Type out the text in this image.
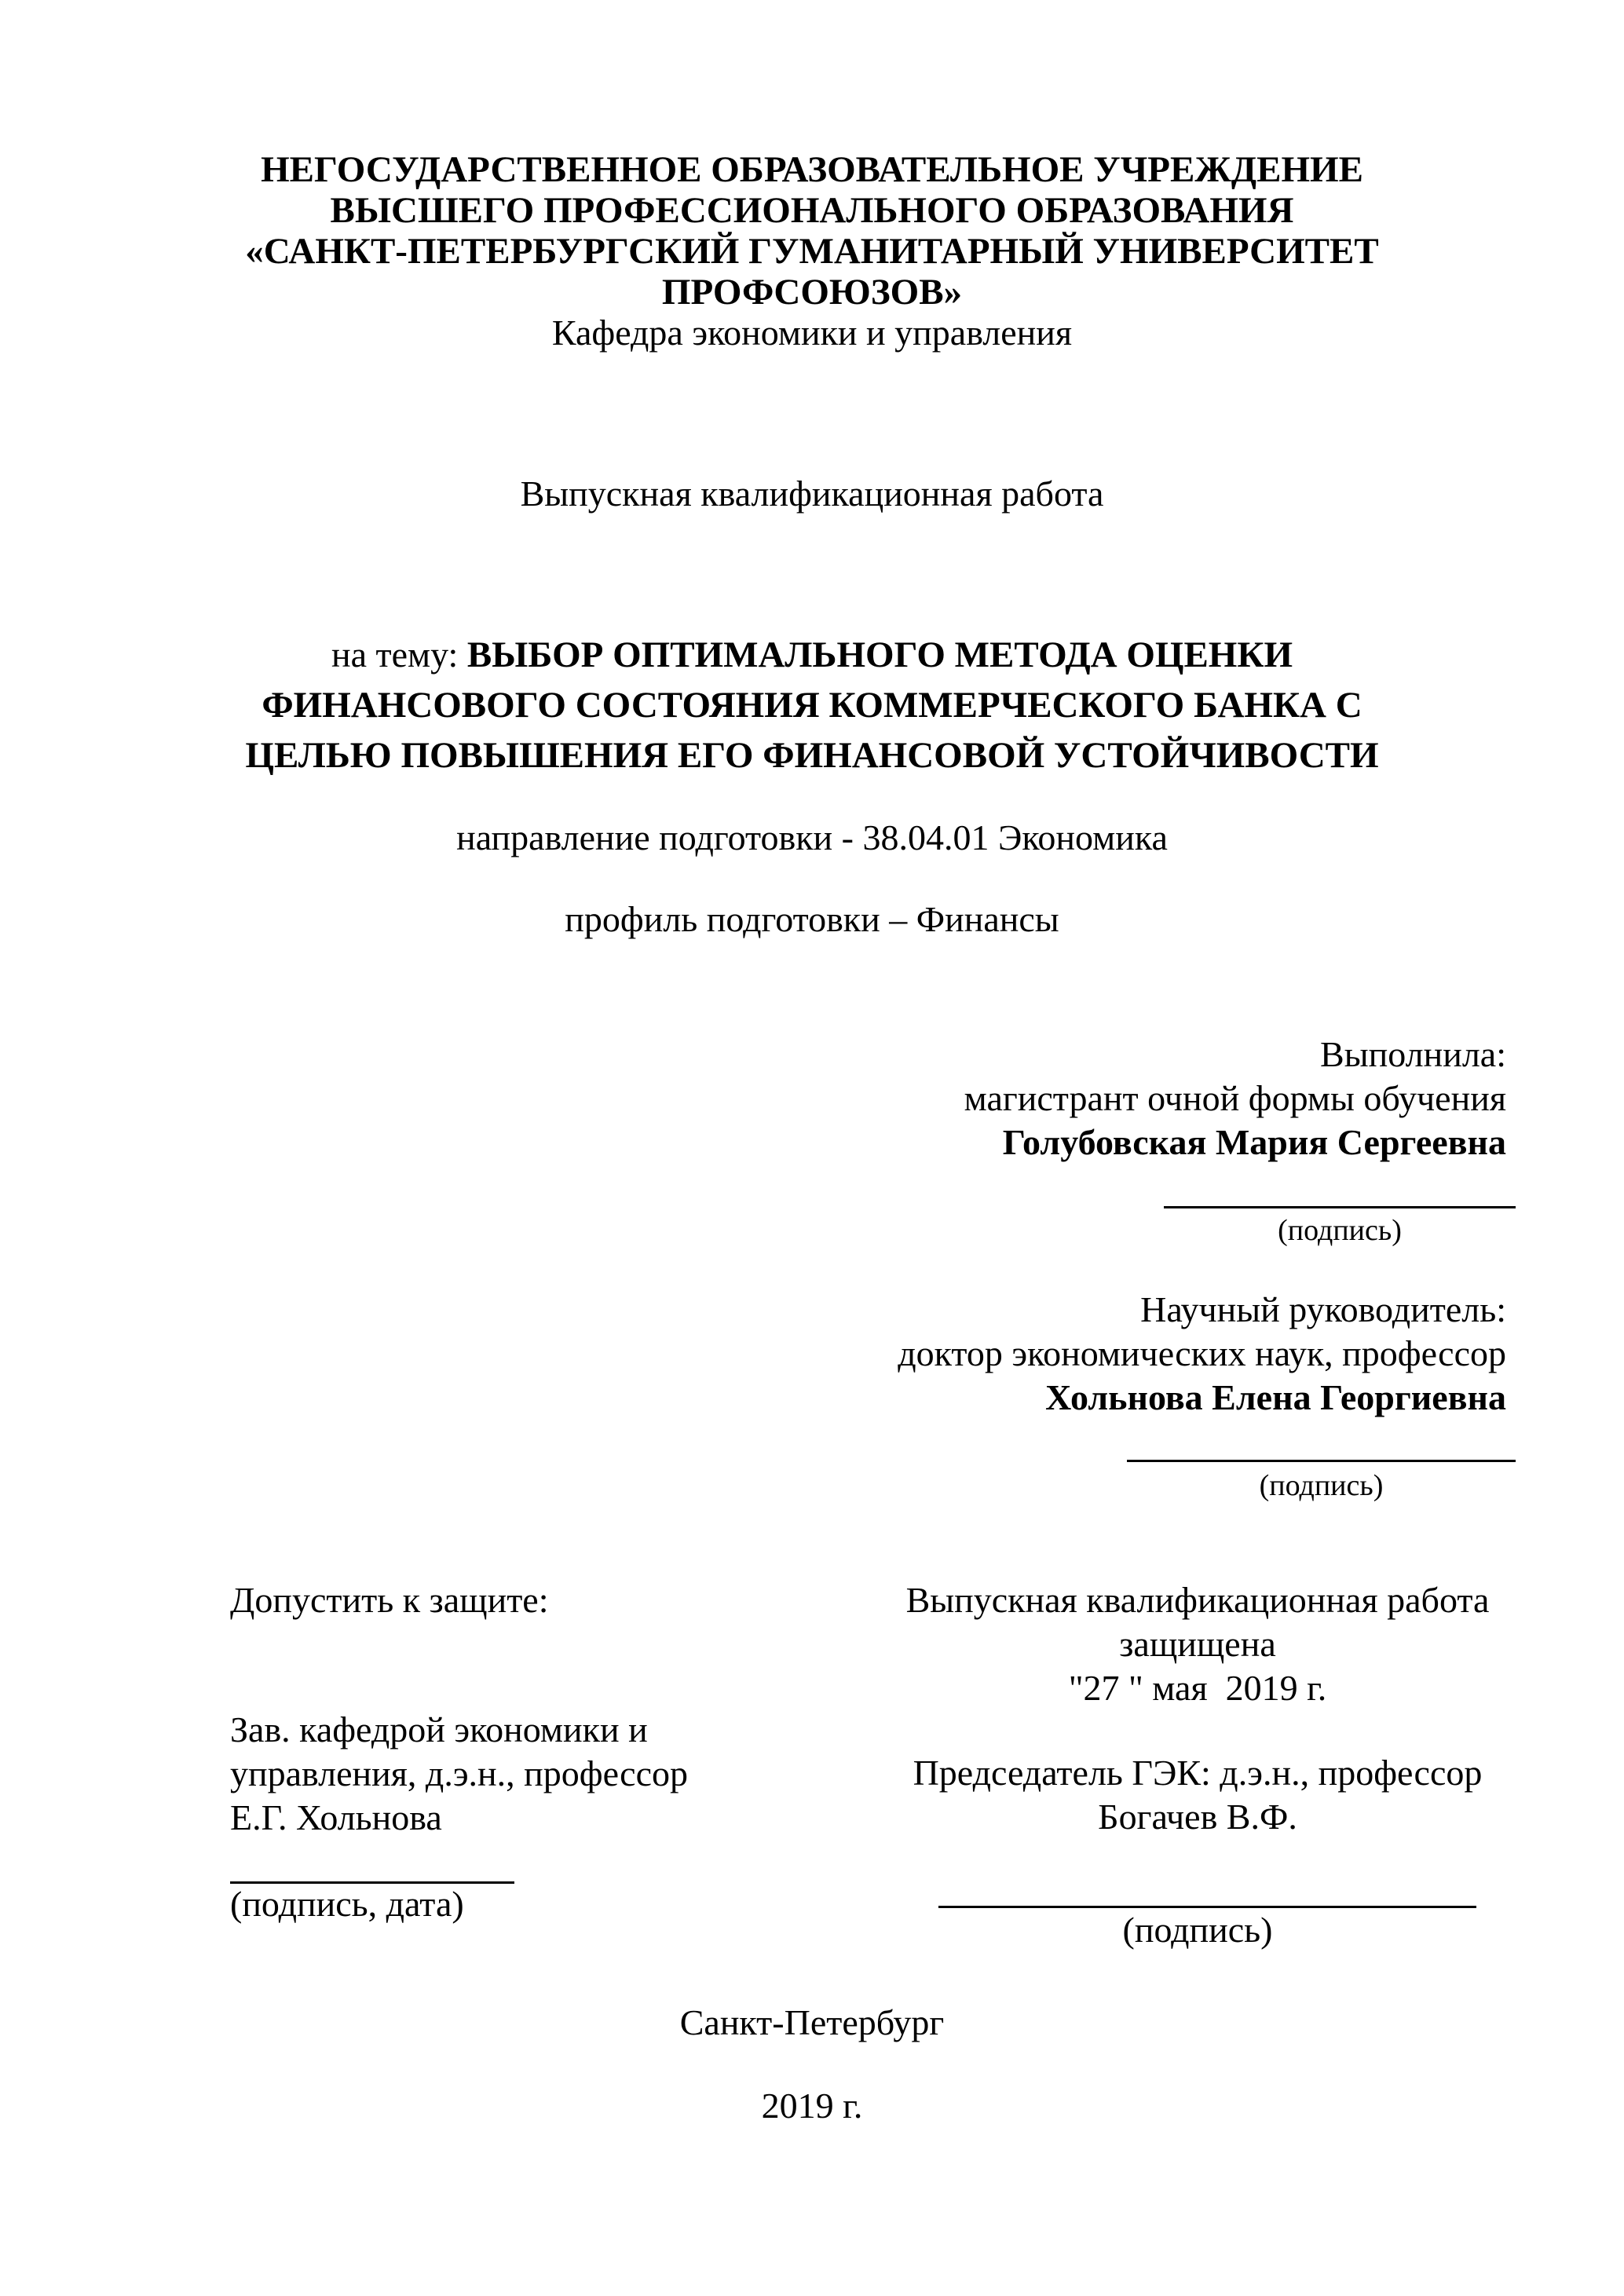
НЕГОСУДАРСТВЕННОЕ ОБРАЗОВАТЕЛЬНОЕ УЧРЕЖДЕНИЕ
ВЫСШЕГО ПРОФЕССИОНАЛЬНОГО ОБРАЗОВАНИЯ
«САНКТ-ПЕТЕРБУРГСКИЙ ГУМАНИТАРНЫЙ УНИВЕРСИТЕТ
ПРОФСОЮЗОВ»
Кафедра экономики и управления
Выпускная квалификационная работа
на тему: ВЫБОР ОПТИМАЛЬНОГО МЕТОДА ОЦЕНКИ
ФИНАНСОВОГО СОСТОЯНИЯ КОММЕРЧЕСКОГО БАНКА С
ЦЕЛЬЮ ПОВЫШЕНИЯ ЕГО ФИНАНСОВОЙ УСТОЙЧИВОСТИ
направление подготовки - 38.04.01 Экономика
профиль подготовки – Финансы
Выполнила:
магистрант очной формы обучения
Голубовская Мария Сергеевна
(подпись)
Научный руководитель:
доктор экономических наук, профессор
Хольнова Елена Георгиевна
(подпись)
Допустить к защите:
Зав. кафедрой экономики и
управления, д.э.н., профессор
Е.Г. Хольнова
(подпись, дата)
Выпускная квалификационная работа
защищена
"27 " мая  2019 г.
Председатель ГЭК: д.э.н., профессор
Богачев В.Ф.
(подпись)
Санкт-Петербург
2019 г.
